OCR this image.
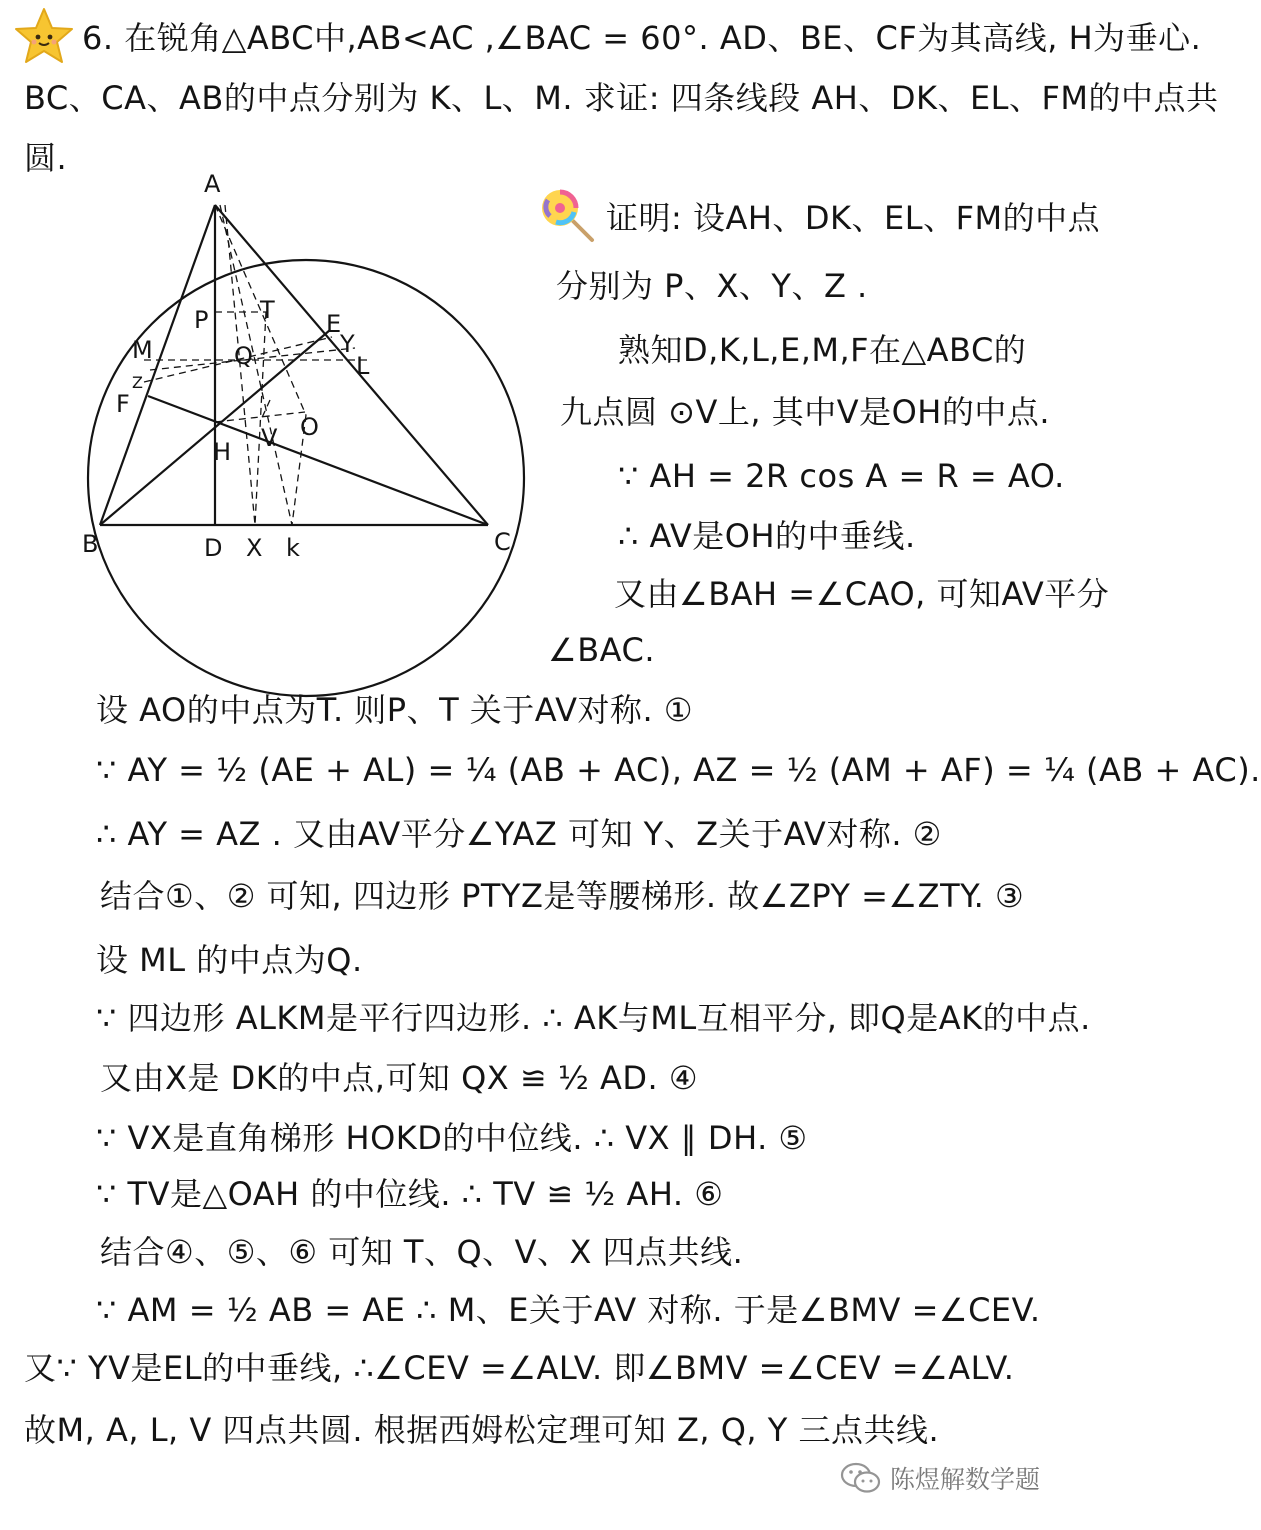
6. 在锐角△ABC中,AB<AC ,∠BAC = 60°. AD、BE、CF为其高线, H为垂心.
BC、CA、AB的中点分别为 K、L、M. 求证: 四条线段 AH、DK、EL、FM的中点共
圆.
A
B	C
D X k
H V O
P T
Q
E
Y
L
M
Z
F
证明: 设AH、DK、EL、FM的中点
分别为 P、X、Y、Z .
熟知D,K,L,E,M,F在△ABC的
九点圆 ⊙V上, 其中V是OH的中点.
∵ AH = 2R cos A = R = AO.
∴ AV是OH的中垂线.
又由∠BAH =∠CAO, 可知AV平分
∠BAC.
设 AO的中点为T. 则P、T 关于AV对称. ①
∵ AY = ½ (AE + AL) = ¼ (AB + AC), AZ = ½ (AM + AF) = ¼ (AB + AC).
∴ AY = AZ . 又由AV平分∠YAZ 可知 Y、Z关于AV对称. ②
结合①、② 可知, 四边形 PTYZ是等腰梯形. 故∠ZPY =∠ZTY. ③
设 ML 的中点为Q.
∵ 四边形 ALKM是平行四边形. ∴ AK与ML互相平分, 即Q是AK的中点.
又由X是 DK的中点,可知 QX ≌ ½ AD. ④
∵ VX是直角梯形 HOKD的中位线. ∴ VX ∥ DH. ⑤
∵ TV是△OAH 的中位线. ∴ TV ≌ ½ AH. ⑥
结合④、⑤、⑥ 可知 T、Q、V、X 四点共线.
∵ AM = ½ AB = AE ∴ M、E关于AV 对称. 于是∠BMV =∠CEV.
又∵ YV是EL的中垂线, ∴∠CEV =∠ALV. 即∠BMV =∠CEV =∠ALV.
故M, A, L, V 四点共圆. 根据西姆松定理可知 Z, Q, Y 三点共线.
陈煜解数学题
